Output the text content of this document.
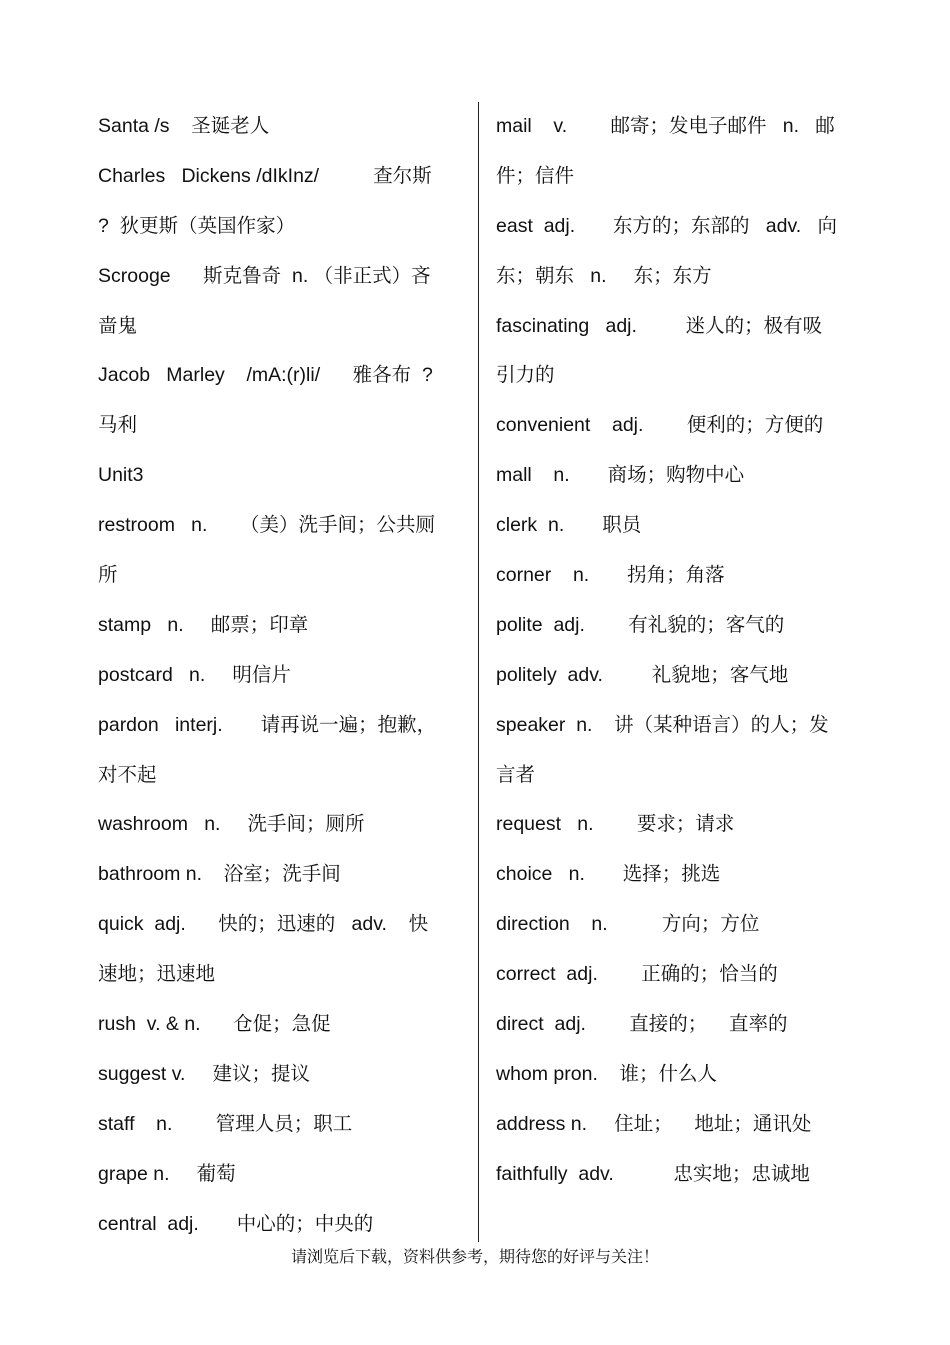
Santa /s    圣诞老人
Charles   Dickens /dIkInz/          查尔斯
?  狄更斯（英国作家）
Scrooge      斯克鲁奇  n. （非正式）吝
啬鬼
Jacob   Marley    /mA:(r)li/      雅各布  ?
马利
Unit3
restroom   n.      （美）洗手间；公共厕
所
stamp   n.     邮票；印章
postcard   n.     明信片
pardon   interj.       请再说一遍；抱歉，
对不起
washroom   n.     洗手间；厕所
bathroom n.    浴室；洗手间
quick  adj.      快的；迅速的   adv.    快
速地；迅速地
rush  v. & n.      仓促；急促
suggest v.     建议；提议
staff    n.        管理人员；职工
grape n.     葡萄
central  adj.       中心的；中央的
mail    v.        邮寄；发电子邮件   n.   邮
件；信件
east  adj.       东方的；东部的   adv.   向
东；朝东   n.     东；东方
fascinating   adj.         迷人的；极有吸
引力的
convenient    adj.        便利的；方便的
mall    n.       商场；购物中心
clerk  n.       职员
corner    n.       拐角；角落
polite  adj.        有礼貌的；客气的
politely  adv.         礼貌地；客气地
speaker  n.    讲（某种语言）的人；发
言者
request   n.        要求；请求
choice   n.       选择；挑选
direction    n.          方向；方位
correct  adj.        正确的；恰当的
direct  adj.        直接的；    直率的
whom pron.    谁；什么人
address n.     住址；    地址；通讯处
faithfully  adv.           忠实地；忠诚地
请浏览后下载，资料供参考，期待您的好评与关注！
